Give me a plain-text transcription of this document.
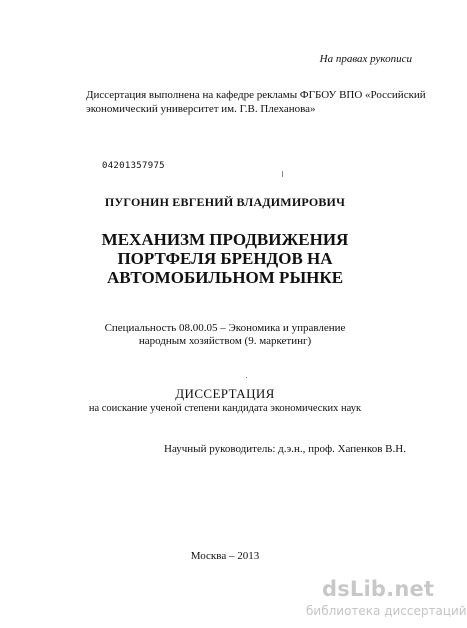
На правах рукописи
Диссертация выполнена на кафедре рекламы ФГБОУ ВПО «Российский
экономический университет им. Г.В. Плеханова»
04201357975
ПУГОНИН ЕВГЕНИЙ ВЛАДИМИРОВИЧ
МЕХАНИЗМ ПРОДВИЖЕНИЯ
ПОРТФЕЛЯ БРЕНДОВ НА
АВТОМОБИЛЬНОМ РЫНКЕ
Специальность 08.00.05 – Экономика и управление
народным хозяйством (9. маркетинг)
ДИССЕРТАЦИЯ
на соискание ученой степени кандидата экономических наук
Научный руководитель: д.э.н., проф. Хапенков В.Н.
Москва – 2013
dsLib.net
библиотека диссертаций
